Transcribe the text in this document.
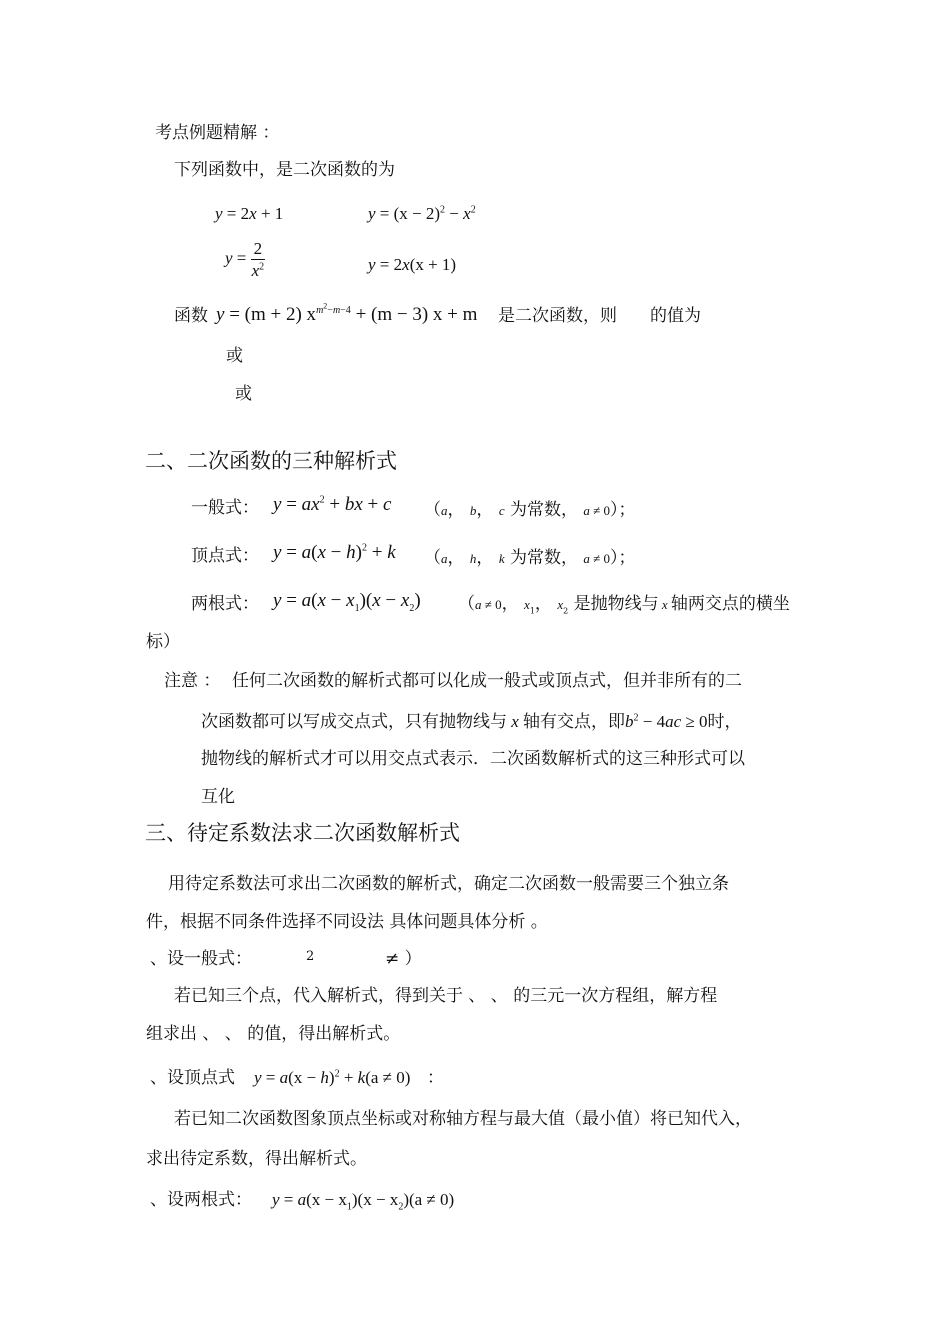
考点例题精解 ：
下列函数中，是二次函数的为
y = 2x + 1	$y = (x - 2)^2 - x^2$
$y = \frac{2}{x^2}$	y = 2x(x + 1)
函数 y = (m + 2) $x^{m^2-m-4} + (m - 3) x + m$ 是二次函数，则 的值为
或
或
二、二次函数的三种解析式
一般式： $y = ax^2$ + bx + c （a， b， c 为常数， a ≠ 0）；
顶点式： $y = a(x - h)^2 + k$ （a， h， k 为常数， a ≠ 0）；
两根式： $y = a(x - x_1)(x - x_2)$ （a ≠ 0， $x_1$， $x_2$ 是抛物线与 x 轴两交点的横坐
标）
注意 ： 任何二次函数的解析式都可以化成一般式或顶点式，但并非所有的二
次函数都可以写成交点式，只有抛物线与 x 轴有交点，即$b^2 - 4ac \ge 0$时，
抛物线的解析式才可以用交点式表示．二次函数解析式的这三种形式可以
互化
三、待定系数法求二次函数解析式
用待定系数法可求出二次函数的解析式，确定二次函数一般需要三个独立条
件，根据不同条件选择不同设法 具体问题具体分析 。
、设一般式：	2	≠ ）
若已知三个点，代入解析式，得到关于 、 、 的三元一次方程组，解方程
组求出 、 、 的值，得出解析式。
、设顶点式 $y = a(x - h)^2 + k(a \ne 0)$ ：
若已知二次函数图象顶点坐标或对称轴方程与最大值（最小值）将已知代入，
求出待定系数，得出解析式。
、设两根式： $y = a(x - x_1)(x - x_2)(a \ne 0)$
